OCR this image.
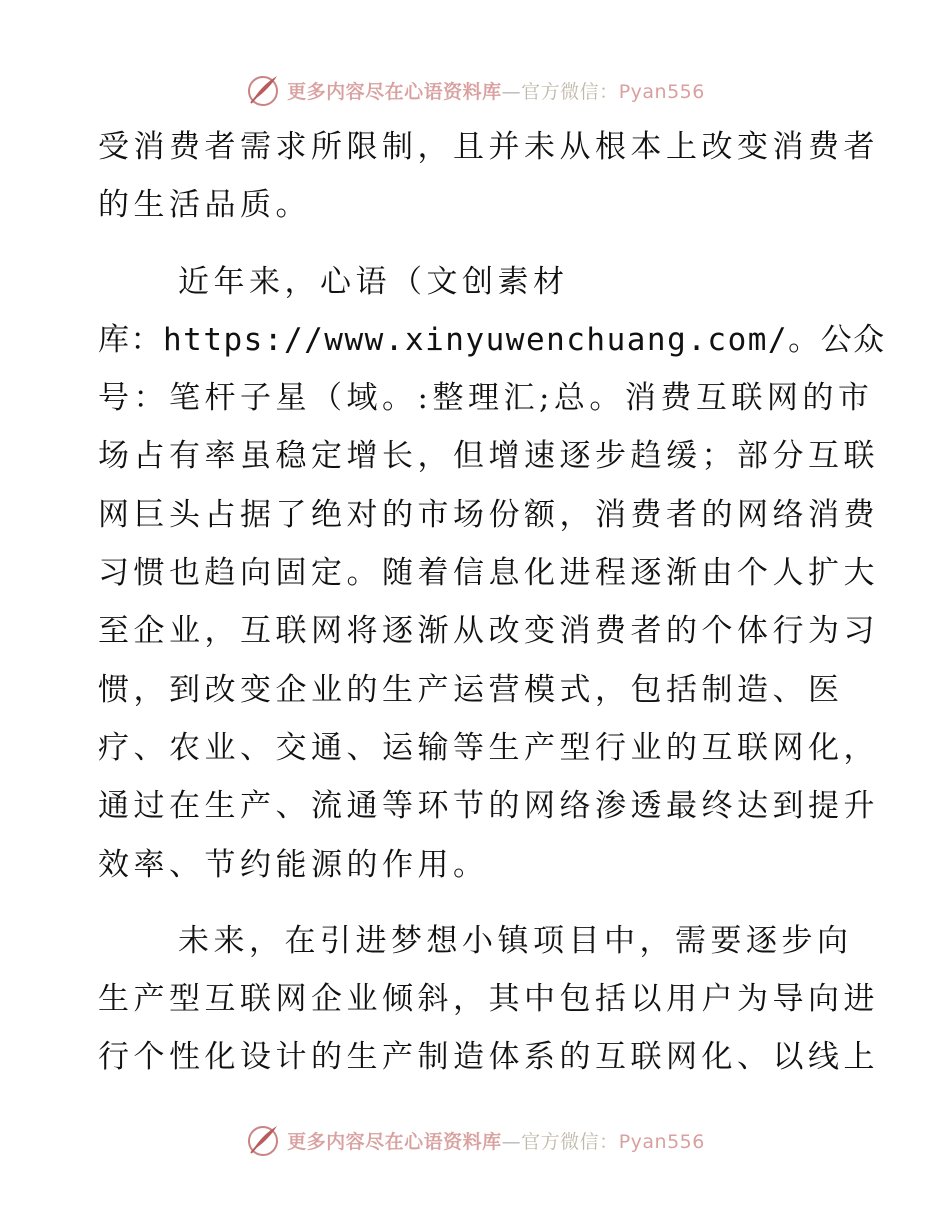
更多内容尽在心语资料库—官方微信：Pyan556
受消费者需求所限制，且并未从根本上改变消费者
的生活品质。
近年来，心语（文创素材
库：https://www.xinyuwenchuang.com/。公众
号：笔杆子星（域。:整理汇;总。消费互联网的市
场占有率虽稳定增长，但增速逐步趋缓；部分互联
网巨头占据了绝对的市场份额，消费者的网络消费
习惯也趋向固定。随着信息化进程逐渐由个人扩大
至企业，互联网将逐渐从改变消费者的个体行为习
惯，到改变企业的生产运营模式，包括制造、医
疗、农业、交通、运输等生产型行业的互联网化，
通过在生产、流通等环节的网络渗透最终达到提升
效率、节约能源的作用。
未来，在引进梦想小镇项目中，需要逐步向
生产型互联网企业倾斜，其中包括以用户为导向进
行个性化设计的生产制造体系的互联网化、以线上
更多内容尽在心语资料库—官方微信：Pyan556
